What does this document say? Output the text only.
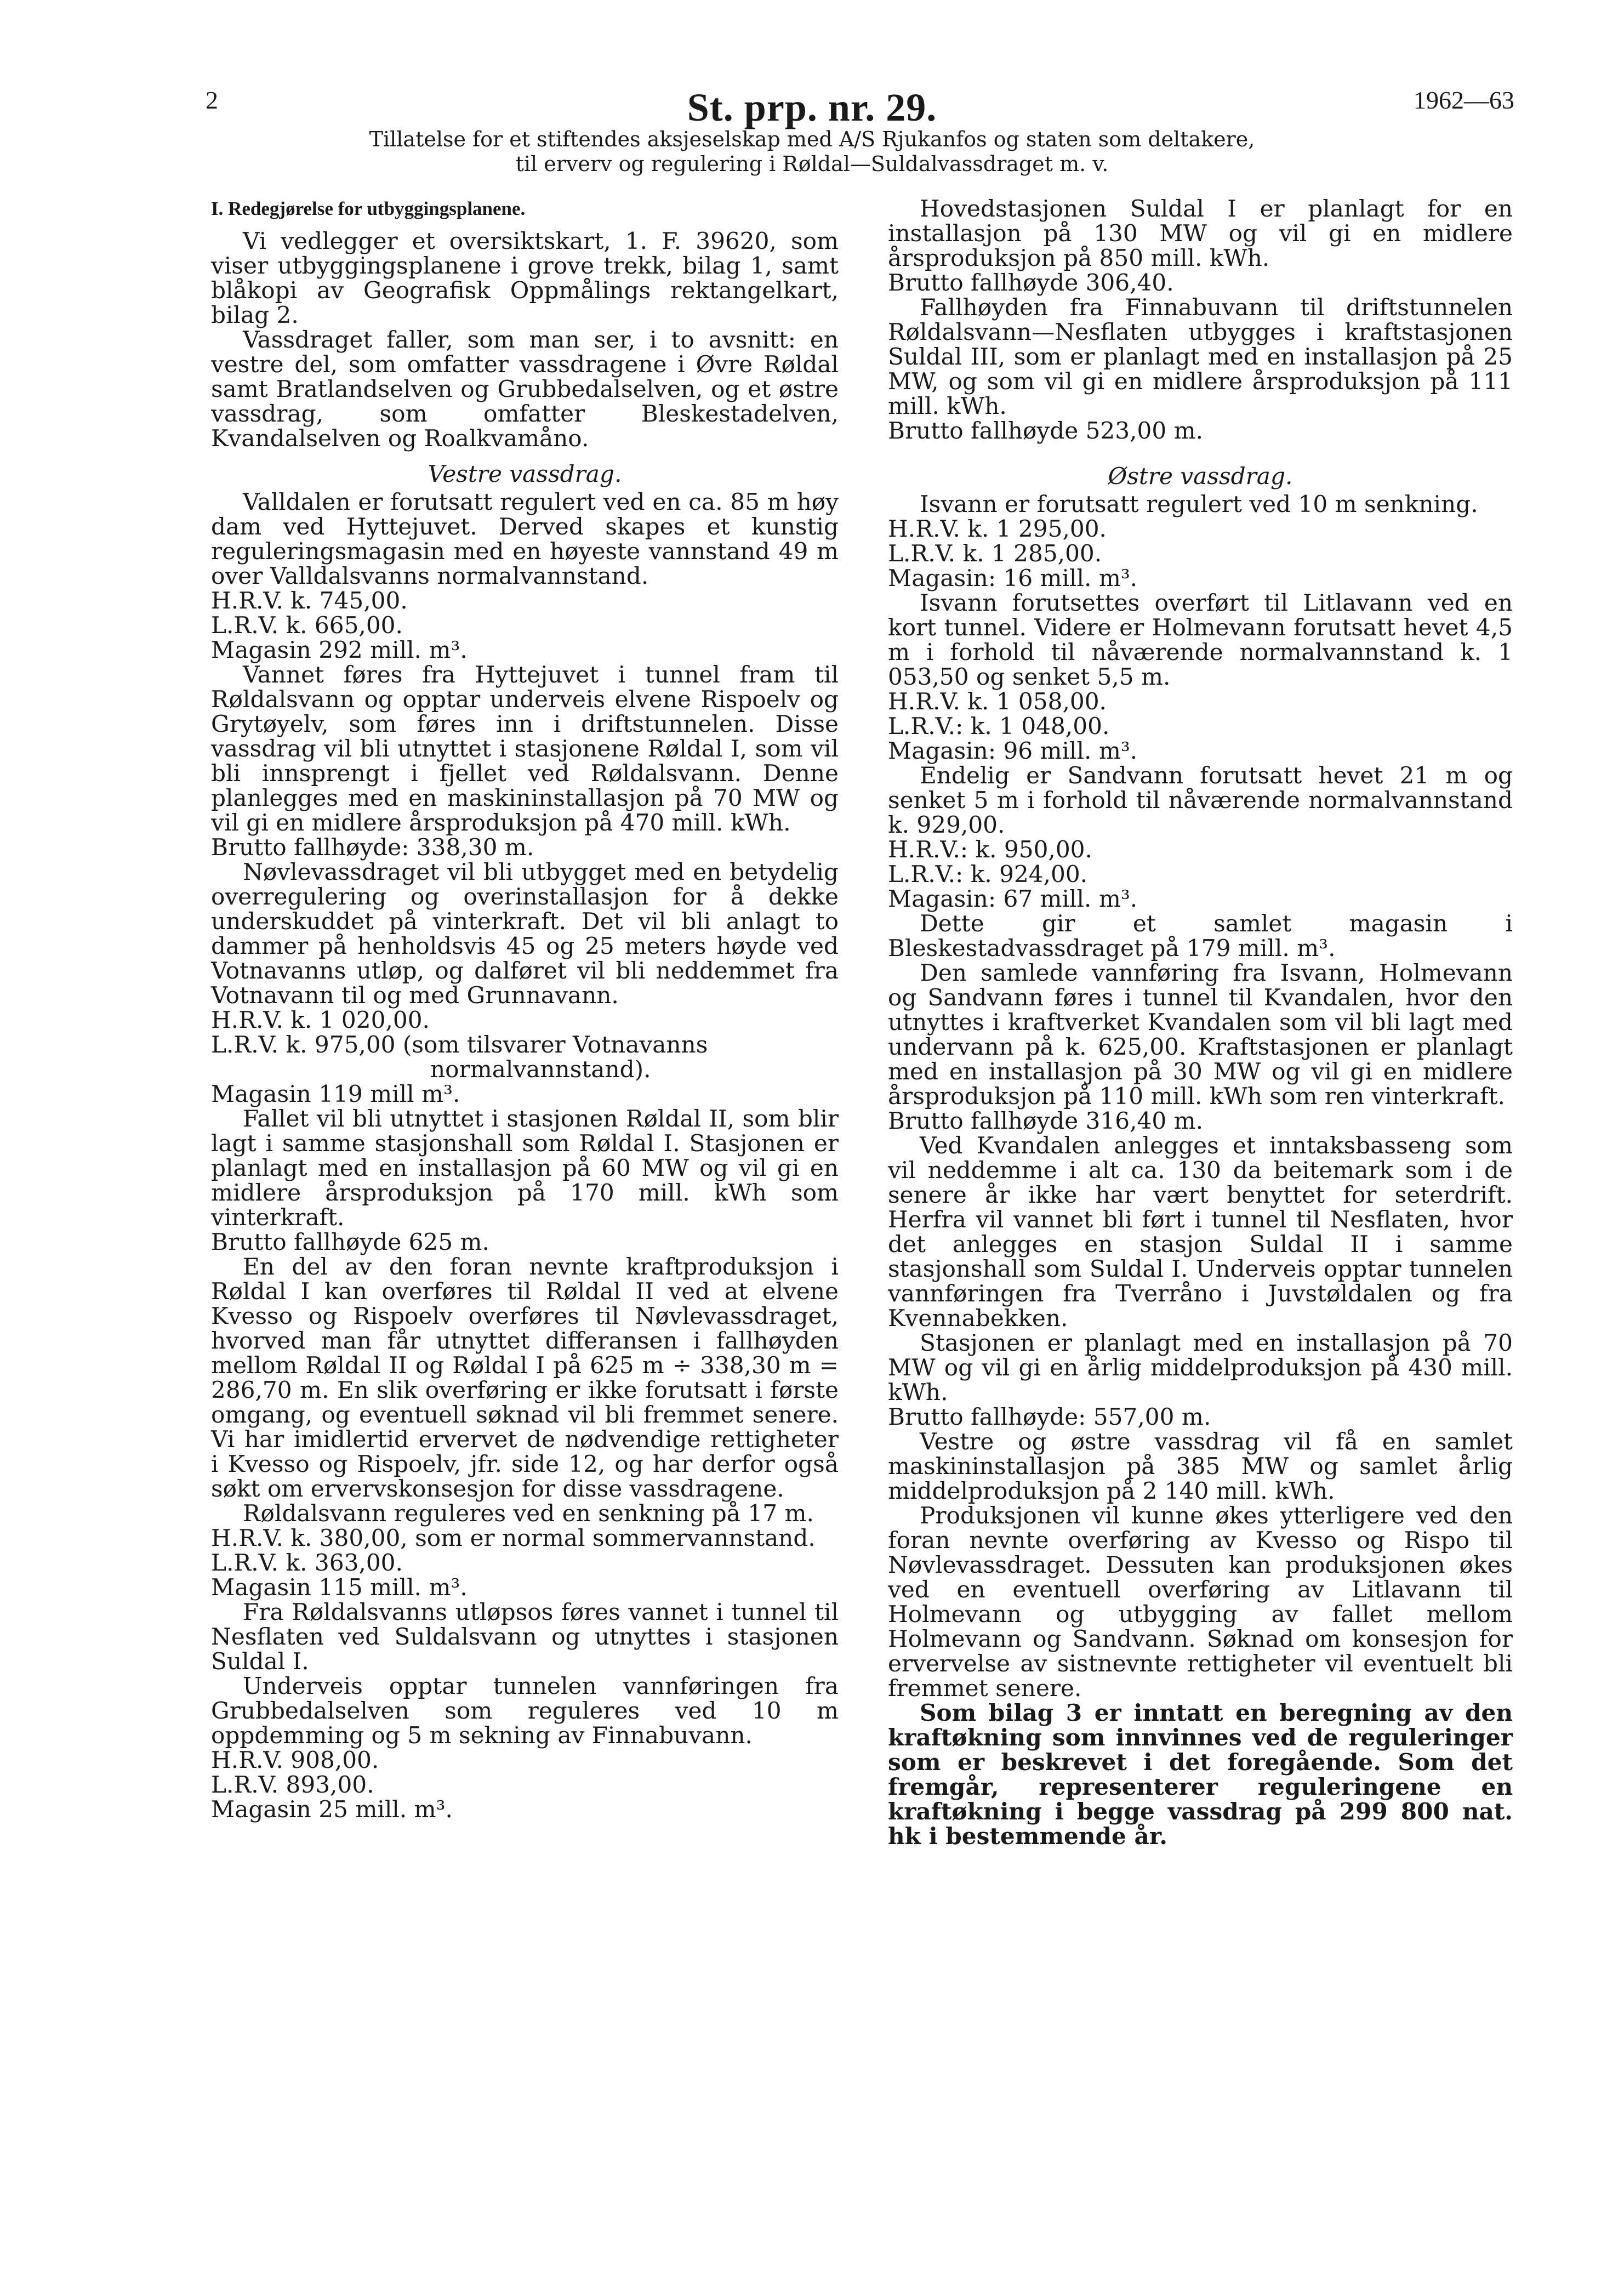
2	St. prp. nr. 29.	1962—63
Tillatelse for et stiftendes aksjeselskap med A/S Rjukanfos og staten som deltakere,
til erverv og regulering i Røldal—Suldalvassdraget m. v.

I. Redegjørelse for utbyggingsplanene.

Vi vedlegger et oversiktskart, 1. F. 39620, som viser utbyggingsplanene i grove trekk, bilag 1, samt blåkopi av Geografisk Oppmålings rektangelkart, bilag 2.

Vassdraget faller, som man ser, i to avsnitt: en vestre del, som omfatter vassdragene i Øvre Røldal samt Bratlandselven og Grubbedalselven, og et østre vassdrag, som omfatter Bleskestadelven, Kvandalselven og Roalkvamåno.

Vestre vassdrag.

Valldalen er forutsatt regulert ved en ca. 85 m høy dam ved Hyttejuvet. Derved skapes et kunstig reguleringsmagasin med en høyeste vannstand 49 m over Valldalsvanns normalvannstand.

H.R.V. k. 745,00.

L.R.V. k. 665,00.

Magasin 292 mill. m³.

Vannet føres fra Hyttejuvet i tunnel fram til Røldalsvann og opptar underveis elvene Rispoelv og Grytøyelv, som føres inn i driftstunnelen. Disse vassdrag vil bli utnyttet i stasjonene Røldal I, som vil bli innsprengt i fjellet ved Røldalsvann. Denne planlegges med en maskininstallasjon på 70 MW og vil gi en midlere årsproduksjon på 470 mill. kWh.

Brutto fallhøyde: 338,30 m.

Nøvlevassdraget vil bli utbygget med en betydelig overregulering og overinstallasjon for å dekke underskuddet på vinterkraft. Det vil bli anlagt to dammer på henholdsvis 45 og 25 meters høyde ved Votnavanns utløp, og dalføret vil bli neddemmet fra Votnavann til og med Grunnavann.

H.R.V. k. 1 020,00.

L.R.V. k. 975,00 (som tilsvarer Votnavanns

normalvannstand).

Magasin 119 mill m³.

Fallet vil bli utnyttet i stasjonen Røldal II, som blir lagt i samme stasjonshall som Røldal I. Stasjonen er planlagt med en installasjon på 60 MW og vil gi en midlere årsproduksjon på 170 mill. kWh som vinterkraft.

Brutto fallhøyde 625 m.

En del av den foran nevnte kraftproduksjon i Røldal I kan overføres til Røldal II ved at elvene Kvesso og Rispoelv overføres til Nøvlevassdraget, hvorved man får utnyttet differansen i fallhøyden mellom Røldal II og Røldal I på 625 m ÷ 338,30 m = 286,70 m. En slik overføring er ikke forutsatt i første omgang, og eventuell søknad vil bli fremmet senere. Vi har imidlertid ervervet de nødvendige rettigheter i Kvesso og Rispoelv, jfr. side 12, og har derfor også søkt om ervervskonsesjon for disse vassdragene.

Røldalsvann reguleres ved en senkning på 17 m.

H.R.V. k. 380,00, som er normal sommervannstand.

L.R.V. k. 363,00.

Magasin 115 mill. m³.

Fra Røldalsvanns utløpsos føres vannet i tunnel til Nesflaten ved Suldalsvann og utnyttes i stasjonen Suldal I.

Underveis opptar tunnelen vannføringen fra Grubbedalselven som reguleres ved 10 m oppdemming og 5 m sekning av Finnabuvann.

H.R.V. 908,00.

L.R.V. 893,00.

Magasin 25 mill. m³.

Hovedstasjonen Suldal I er planlagt for en installasjon på 130 MW og vil gi en midlere årsproduksjon på 850 mill. kWh.

Brutto fallhøyde 306,40.

Fallhøyden fra Finnabuvann til driftstunnelen Røldalsvann—Nesflaten utbygges i kraftstasjonen Suldal III, som er planlagt med en installasjon på 25 MW, og som vil gi en midlere årsproduksjon på 111 mill. kWh.

Brutto fallhøyde 523,00 m.

Østre vassdrag.

Isvann er forutsatt regulert ved 10 m senkning.

H.R.V. k. 1 295,00.

L.R.V. k. 1 285,00.

Magasin: 16 mill. m³.

Isvann forutsettes overført til Litlavann ved en kort tunnel. Videre er Holmevann forutsatt hevet 4,5 m i forhold til nåværende normalvannstand k. 1 053,50 og senket 5,5 m.

H.R.V. k. 1 058,00.

L.R.V.: k. 1 048,00.

Magasin: 96 mill. m³.

Endelig er Sandvann forutsatt hevet 21 m og senket 5 m i forhold til nåværende normalvannstand k. 929,00.

H.R.V.: k. 950,00.

L.R.V.: k. 924,00.

Magasin: 67 mill. m³.

Dette gir et samlet magasin i Bleskestadvassdraget på 179 mill. m³.

Den samlede vannføring fra Isvann, Holmevann og Sandvann føres i tunnel til Kvandalen, hvor den utnyttes i kraftverket Kvandalen som vil bli lagt med undervann på k. 625,00. Kraftstasjonen er planlagt med en installasjon på 30 MW og vil gi en midlere årsproduksjon på 110 mill. kWh som ren vinterkraft.

Brutto fallhøyde 316,40 m.

Ved Kvandalen anlegges et inntaksbasseng som vil neddemme i alt ca. 130 da beitemark som i de senere år ikke har vært benyttet for seterdrift. Herfra vil vannet bli ført i tunnel til Nesflaten, hvor det anlegges en stasjon Suldal II i samme stasjonshall som Suldal I. Underveis opptar tunnelen vannføringen fra Tverråno i Juvstøldalen og fra Kvennabekken.

Stasjonen er planlagt med en installasjon på 70 MW og vil gi en årlig middelproduksjon på 430 mill. kWh.

Brutto fallhøyde: 557,00 m.

Vestre og østre vassdrag vil få en samlet maskininstallasjon på 385 MW og samlet årlig middelproduksjon på 2 140 mill. kWh.

Produksjonen vil kunne økes ytterligere ved den foran nevnte overføring av Kvesso og Rispo til Nøvlevassdraget. Dessuten kan produksjonen økes ved en eventuell overføring av Litlavann til Holmevann og utbygging av fallet mellom Holmevann og Sandvann. Søknad om konsesjon for ervervelse av sistnevnte rettigheter vil eventuelt bli fremmet senere.

Som bilag 3 er inntatt en beregning av den kraftøkning som innvinnes ved de reguleringer som er beskrevet i det foregående. Som det fremgår, representerer reguleringene en kraftøkning i begge vassdrag på 299 800 nat. hk i bestemmende år.
